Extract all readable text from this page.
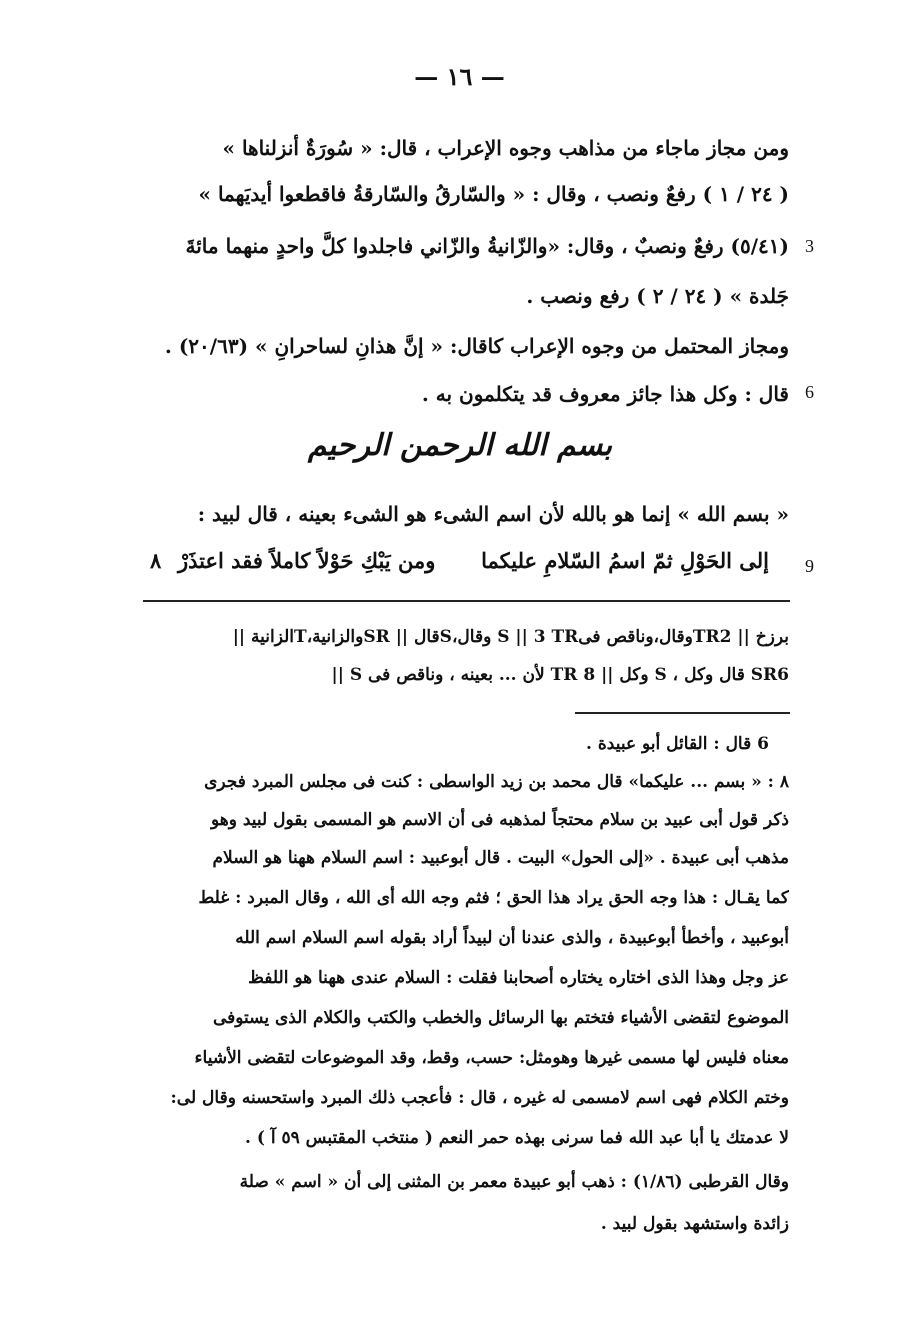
— ١٦ —
ومن مجاز ماجاء من مذاهب وجوه الإعراب ، قال: « سُورَةٌ أنزلناها »
( ٢٤ / ١ ) رفعٌ ونصب ، وقال : « والسّارقُ والسّارقةُ فاقطعوا أيديَهما »
(٥/٤١) رفعٌ ونصبٌ ، وقال: «والزّانيةُ والزّاني فاجلدوا كلَّ واحدٍ منهما مائةَ 3
جَلدة » ( ٢٤ / ٢ ) رفع ونصب .
ومجاز المحتمل من وجوه الإعراب كاقال: « إنَّ هذانِ لساحرانِ » (٢٠/٦٣) .
قال : وكل هذا جائز معروف قد يتكلمون به . 6
بسم الله الرحمن الرحيم
« بسم الله » إنما هو بالله لأن اسم الشىء هو الشىء بعينه ، قال لبيد :
إلى الحَوْلِ ثمّ اسمُ السّلامِ عليكما
ومن يَبْكِ حَوْلاً كاملاً فقد اعتذَرْ
٨	9
برزخ || TR2وقال،وناقص فىS || 3 TR وقال،Sقال || SRوالزانية،Tالزانية ||
SR6 قال وكل ، S وكل || 8 TR لأن ... بعينه ، وناقص فى S ||
6 قال : القائل أبو عبيدة .
٨ : « بسم ... عليكما» قال محمد بن زيد الواسطى : كنت فى مجلس المبرد فجرى
ذكر قول أبى عبيد بن سلام محتجاً لمذهبه فى أن الاسم هو المسمى بقول لبيد وهو
مذهب أبى عبيدة . «إلى الحول» البيت . قال أبوعبيد : اسم السلام ههنا هو السلام
كما يقـال : هذا وجه الحق يراد هذا الحق ؛ فثم وجه الله أى الله ، وقال المبرد : غلط
أبوعبيد ، وأخطأ أبوعبيدة ، والذى عندنا أن لبيداً أراد بقوله اسم السلام اسم الله
عز وجل وهذا الذى اختاره يختاره أصحابنا فقلت : السلام عندى ههنا هو اللفظ
الموضوع لتقضى الأشياء فتختم بها الرسائل والخطب والكتب والكلام الذى يستوفى
معناه فليس لها مسمى غيرها وهومثل: حسب، وقط، وقد الموضوعات لتقضى الأشياء
وختم الكلام فهى اسم لامسمى له غيره ، قال : فأعجب ذلك المبرد واستحسنه وقال لى:
لا عدمتك يا أبا عبد الله فما سرنى بهذه حمر النعم ( منتخب المقتبس ٥٩ آ ) .
وقال القرطبى (١/٨٦) : ذهب أبو عبيدة معمر بن المثنى إلى أن « اسم » صلة
زائدة واستشهد بقول لبيد .
